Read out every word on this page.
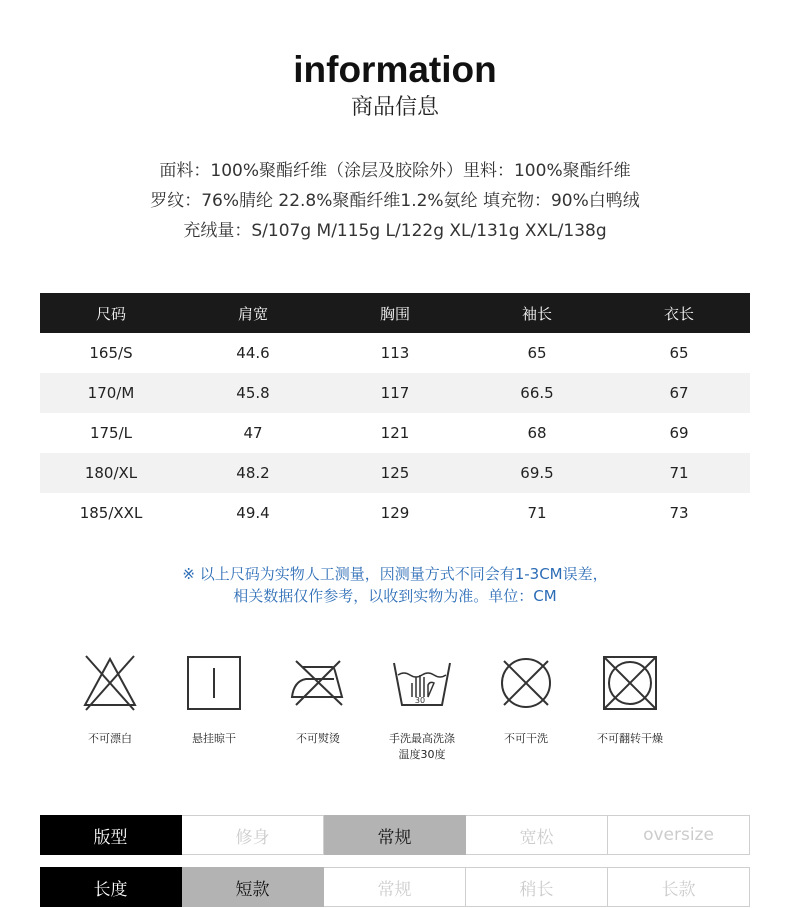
information
商品信息
面料：100%聚酯纤维（涂层及胶除外）里料：100%聚酯纤维
罗纹：76%腈纶 22.8%聚酯纤维1.2%氨纶 填充物：90%白鸭绒
充绒量：S/107g M/115g L/122g XL/131g XXL/138g
尺码	肩宽	胸围	袖长	衣长
165/S	44.6	113	65	65
170/M	45.8	117	66.5	67
175/L	47	121	68	69
180/XL	48.2	125	69.5	71
185/XXL	49.4	129	71	73
※ 以上尺码为实物人工测量，因测量方式不同会有1-3CM误差，
相关数据仅作参考，以收到实物为准。单位：CM
不可漂白	悬挂晾干	不可熨烫
30
手洗最高洗涤温度30度
不可干洗	不可翻转干燥
版型	修身	常规	宽松	oversize
长度	短款	常规	稍长	长款
